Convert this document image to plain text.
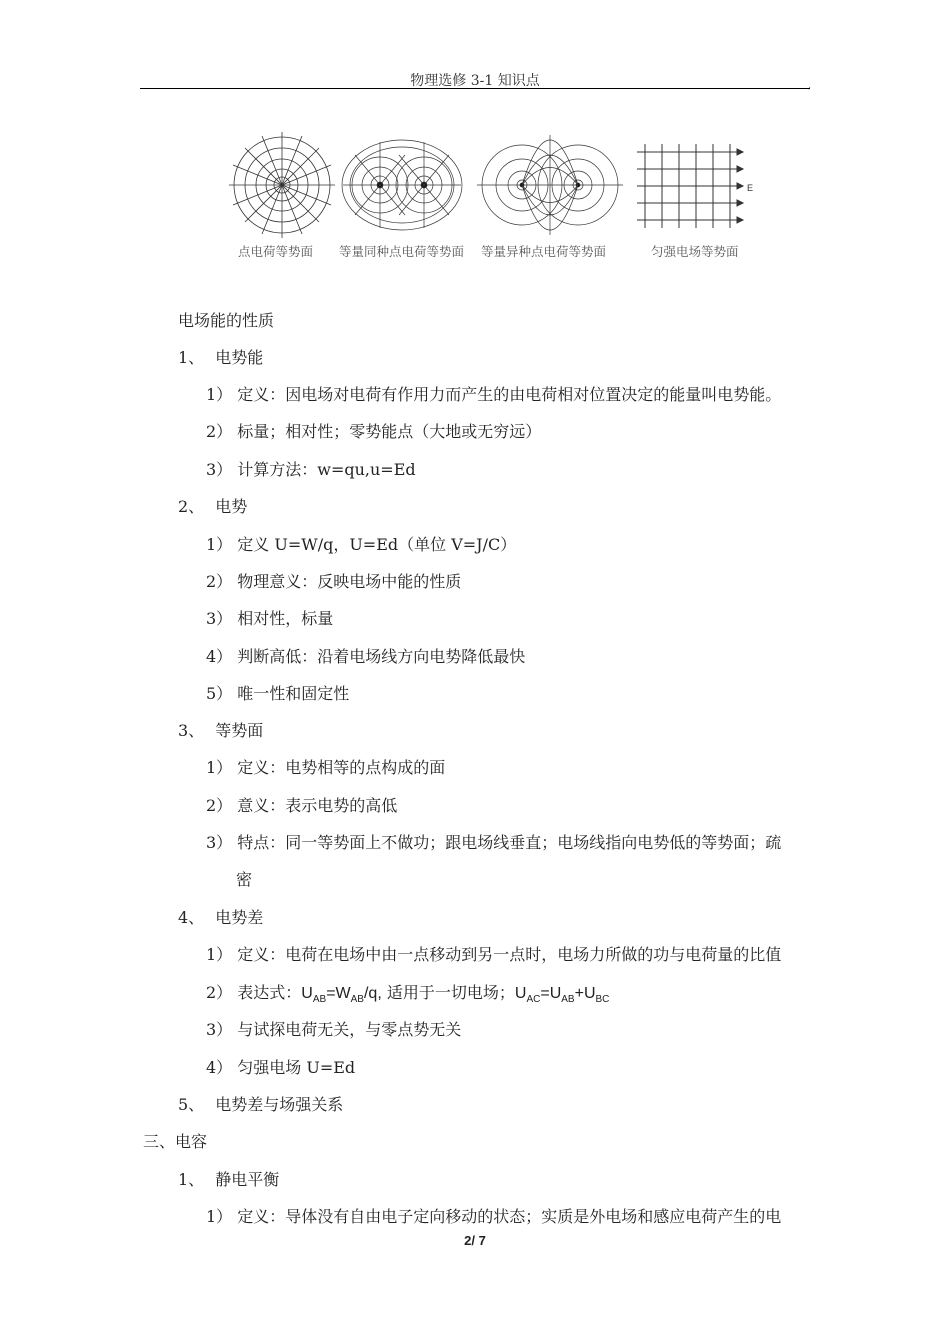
物理选修 3-1 知识点	,
E
点电荷等势面 等量同种点电荷等势面 等量异种点电荷等势面	匀强电场等势面
电场能的性质
1、 电势能
1） 定义：因电场对电荷有作用力而产生的由电荷相对位置决定的能量叫电势能。
2） 标量；相对性；零势能点（大地或无穷远）
3） 计算方法：w=qu,u=Ed
2、 电势
1） 定义 U=W/q，U=Ed（单位 V=J/C）
2） 物理意义：反映电场中能的性质
3） 相对性，标量
4） 判断高低：沿着电场线方向电势降低最快
5） 唯一性和固定性
3、 等势面
1） 定义：电势相等的点构成的面
2） 意义：表示电势的高低
3） 特点：同一等势面上不做功；跟电场线垂直；电场线指向电势低的等势面；疏
密
4、 电势差
1） 定义：电荷在电场中由一点移动到另一点时，电场力所做的功与电荷量的比值
2） 表达式：$U_{AB}=W_{AB}/q$, 适用于一切电场；$U_{AC}=U_{AB}+U_{BC}$
3） 与试探电荷无关，与零点势无关
4） 匀强电场 U=Ed
5、 电势差与场强关系
三、电容
1、 静电平衡
1） 定义：导体没有自由电子定向移动的状态；实质是外电场和感应电荷产生的电
2/ 7
